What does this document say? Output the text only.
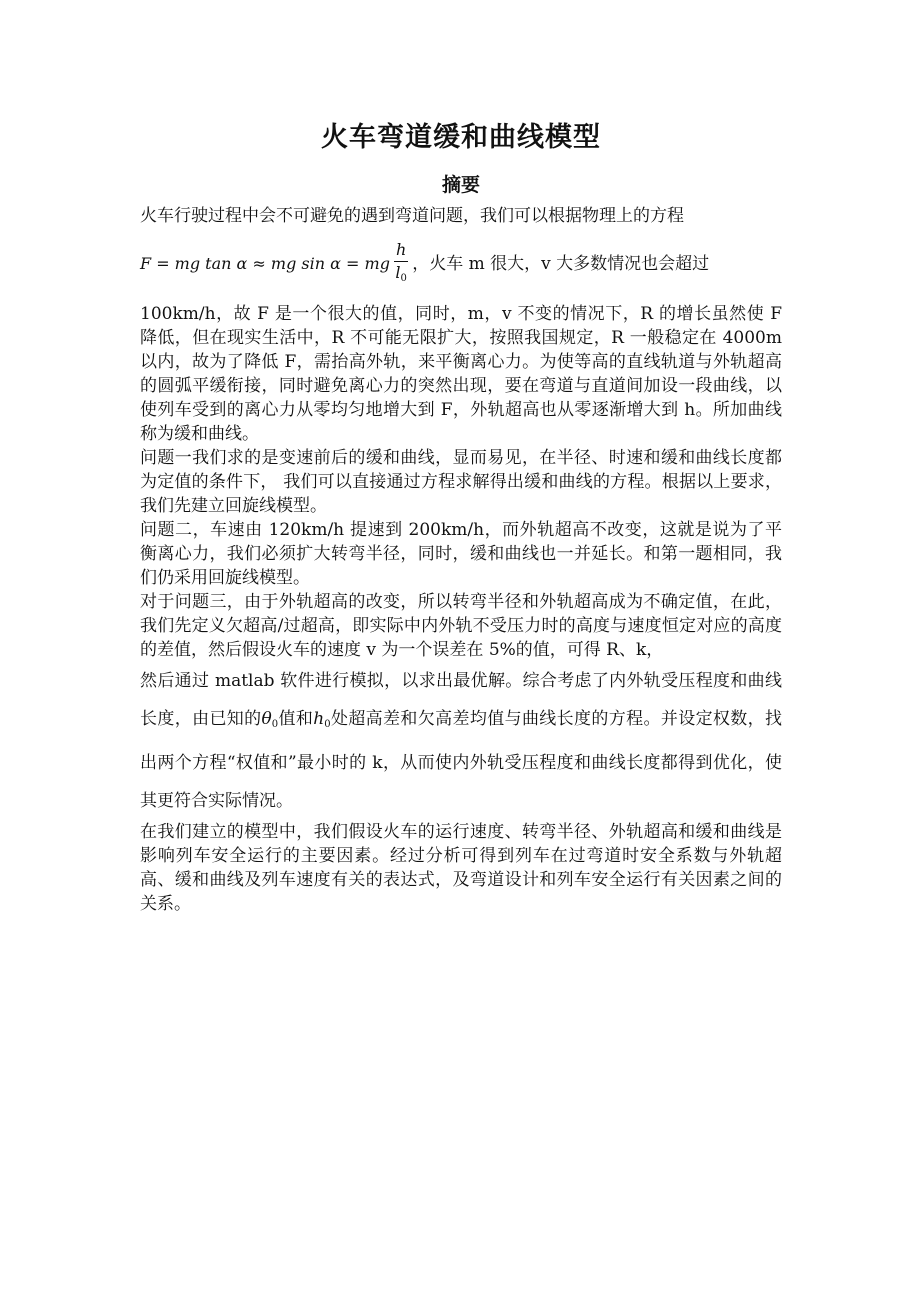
火车弯道缓和曲线模型
摘要

火车行驶过程中会不可避免的遇到弯道问题，我们可以根据物理上的方程

F = mg tan α ≈ mg sin α = mg $\frac{h}{l_0}$ ，火车 m 很大，v 大多数情况也会超过

100km/h，故 F 是一个很大的值，同时，m，v 不变的情况下，R 的增长虽然使 F 降低，但在现实生活中，R 不可能无限扩大，按照我国规定，R 一般稳定在 4000m 以内，故为了降低 F，需抬高外轨，来平衡离心力。为使等高的直线轨道与外轨超高的圆弧平缓衔接，同时避免离心力的突然出现，要在弯道与直道间加设一段曲线，以使列车受到的离心力从零均匀地增大到 F，外轨超高也从零逐渐增大到 h。所加曲线称为缓和曲线。

问题一我们求的是变速前后的缓和曲线，显而易见，在半径、时速和缓和曲线长度都为定值的条件下， 我们可以直接通过方程求解得出缓和曲线的方程。根据以上要求，我们先建立回旋线模型。

问题二，车速由 120km/h 提速到 200km/h，而外轨超高不改变，这就是说为了平衡离心力，我们必须扩大转弯半径，同时，缓和曲线也一并延长。和第一题相同，我们仍采用回旋线模型。

对于问题三，由于外轨超高的改变，所以转弯半径和外轨超高成为不确定值，在此，我们先定义欠超高/过超高，即实际中内外轨不受压力时的高度与速度恒定对应的高度的差值，然后假设火车的速度 v 为一个误差在 5%的值，可得 R、k，

然后通过 matlab 软件进行模拟，以求出最优解。综合考虑了内外轨受压程度和曲线长度，由已知的$\theta_0$值和$h_0$处超高差和欠高差均值与曲线长度的方程。并设定权数，找出两个方程“权值和”最小时的 k，从而使内外轨受压程度和曲线长度都得到优化，使其更符合实际情况。

在我们建立的模型中，我们假设火车的运行速度、转弯半径、外轨超高和缓和曲线是影响列车安全运行的主要因素。经过分析可得到列车在过弯道时安全系数与外轨超高、缓和曲线及列车速度有关的表达式，及弯道设计和列车安全运行有关因素之间的关系。
